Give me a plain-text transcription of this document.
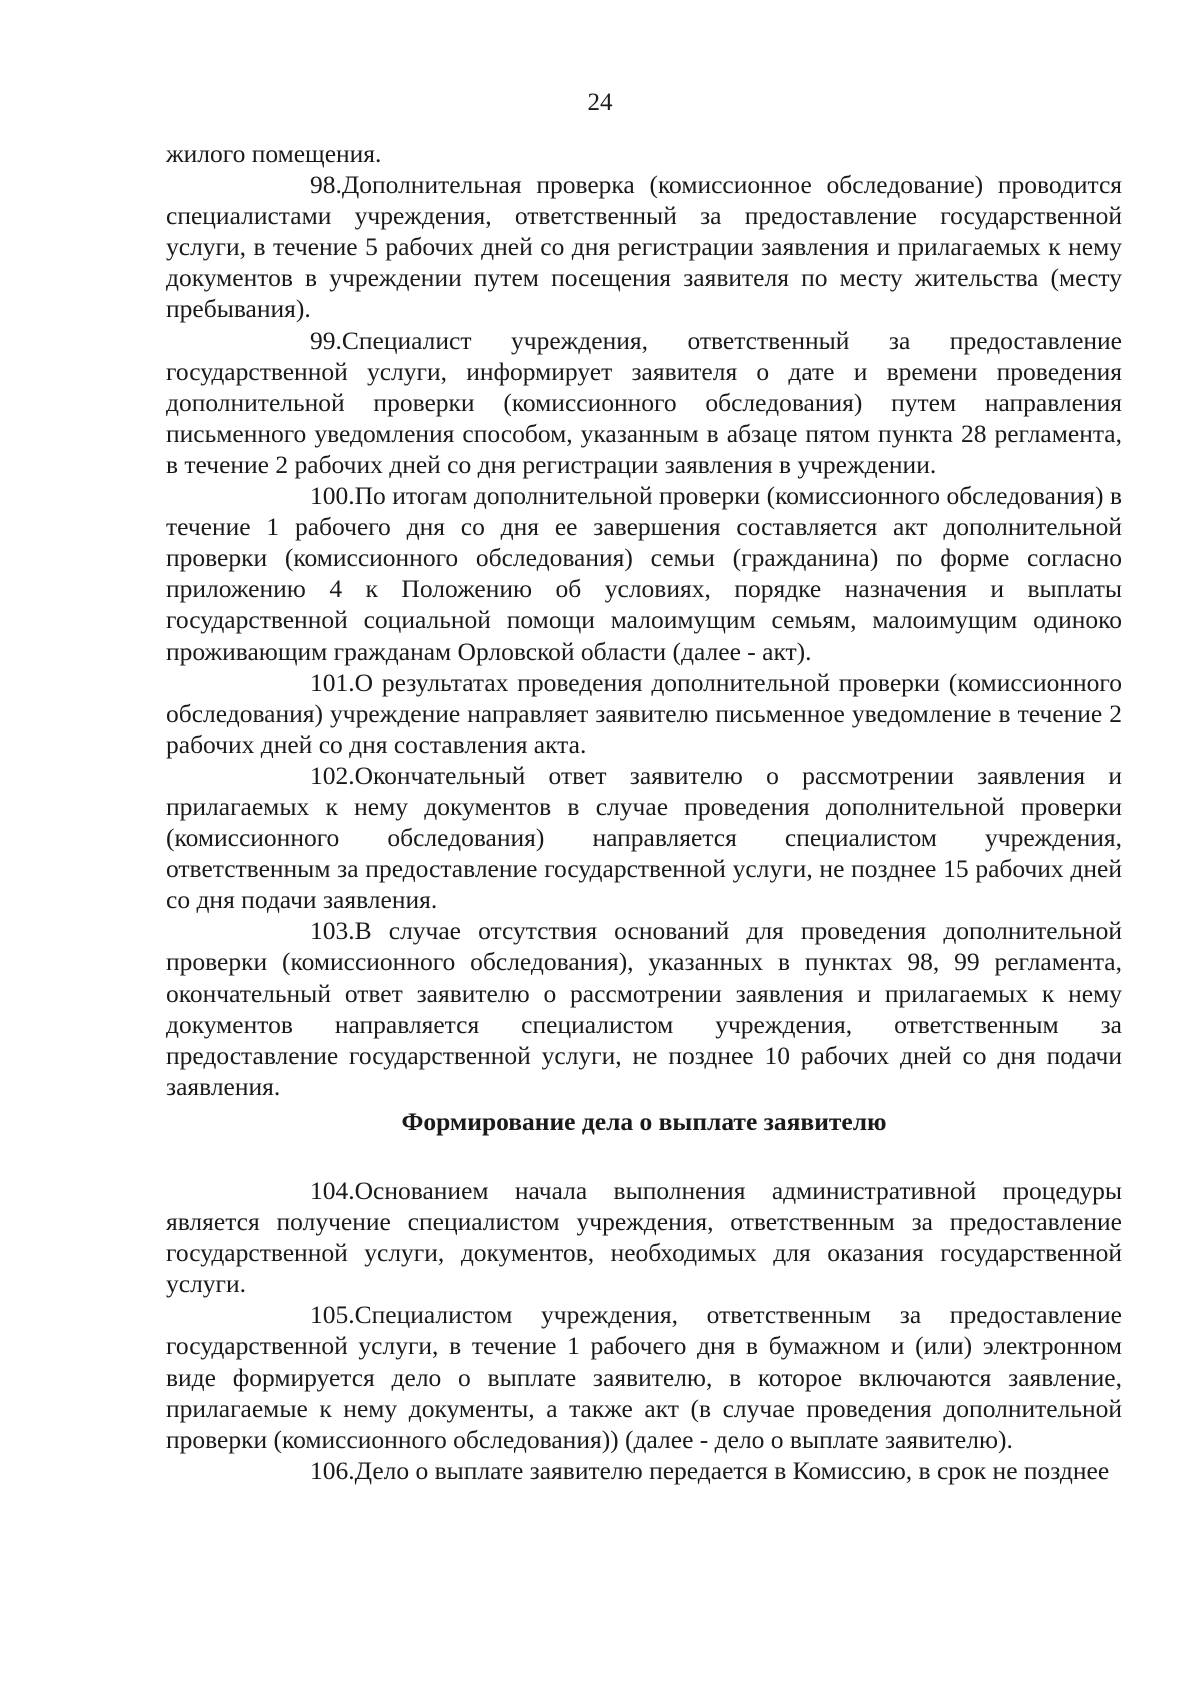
24

жилого помещения.

98.Дополнительная проверка (комиссионное обследование) проводится специалистами учреждения, ответственный за предоставление государственной услуги, в течение 5 рабочих дней со дня регистрации заявления и прилагаемых к нему документов в учреждении путем посещения заявителя по месту жительства (месту пребывания).

99.Специалист учреждения, ответственный за предоставление государственной услуги, информирует заявителя о дате и времени проведения дополнительной проверки (комиссионного обследования) путем направления письменного уведомления способом, указанным в абзаце пятом пункта 28 регламента, в течение 2 рабочих дней со дня регистрации заявления в учреждении.

100.По итогам дополнительной проверки (комиссионного обследования) в течение 1 рабочего дня со дня ее завершения составляется акт дополнительной проверки (комиссионного обследования) семьи (гражданина) по форме согласно приложению 4 к Положению об условиях, порядке назначения и выплаты государственной социальной помощи малоимущим семьям, малоимущим одиноко проживающим гражданам Орловской области (далее - акт).

101.О результатах проведения дополнительной проверки (комиссионного обследования) учреждение направляет заявителю письменное уведомление в течение 2 рабочих дней со дня составления акта.

102.Окончательный ответ заявителю о рассмотрении заявления и прилагаемых к нему документов в случае проведения дополнительной проверки (комиссионного обследования) направляется специалистом учреждения, ответственным за предоставление государственной услуги, не позднее 15 рабочих дней со дня подачи заявления.

103.В случае отсутствия оснований для проведения дополнительной проверки (комиссионного обследования), указанных в пунктах 98, 99 регламента, окончательный ответ заявителю о рассмотрении заявления и прилагаемых к нему документов направляется специалистом учреждения, ответственным за предоставление государственной услуги, не позднее 10 рабочих дней со дня подачи заявления.

Формирование дела о выплате заявителю

104.Основанием начала выполнения административной процедуры является получение специалистом учреждения, ответственным за предоставление государственной услуги, документов, необходимых для оказания государственной услуги.

105.Специалистом учреждения, ответственным за предоставление государственной услуги, в течение 1 рабочего дня в бумажном и (или) электронном виде формируется дело о выплате заявителю, в которое включаются заявление, прилагаемые к нему документы, а также акт (в случае проведения дополнительной проверки (комиссионного обследования)) (далее - дело о выплате заявителю).

106.Дело о выплате заявителю передается в Комиссию, в срок не позднее
